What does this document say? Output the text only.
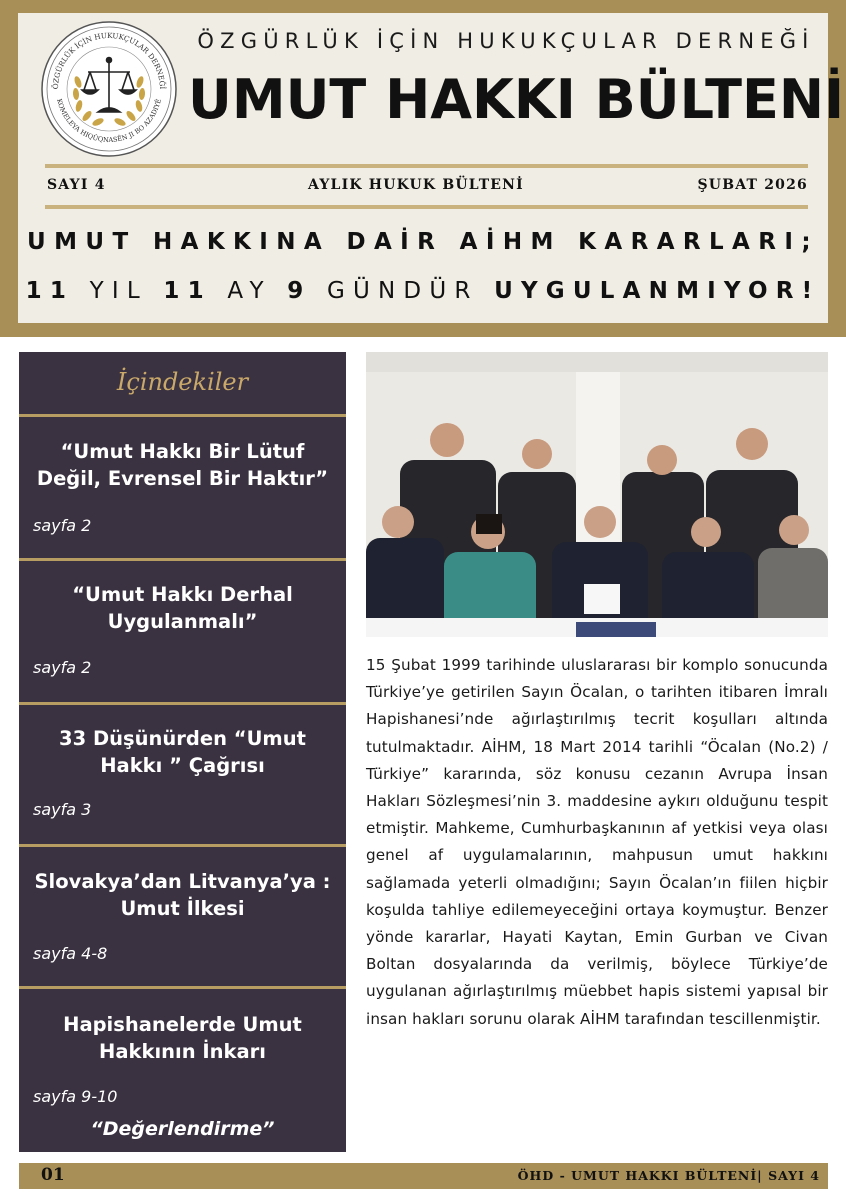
ÖZGÜRLÜK İÇİN HUKUKÇULAR DERNEĞİ
KOMELEYA HIQÛQNASÊN JI BO AZADIYÊ
ÖZGÜRLÜK İÇİN HUKUKÇULAR DERNEĞİ
UMUT HAKKI BÜLTENİ
SAYI 4	AYLIK HUKUK BÜLTENİ	ŞUBAT 2026
UMUT HAKKINA DAİR AİHM KARARLARI;
11 YIL 11 AY 9 GÜNDÜR UYGULANMIYOR!
İçindekiler
“Umut Hakkı Bir Lütuf Değil, Evrensel Bir Haktır”
sayfa 2
“Umut Hakkı Derhal Uygulanmalı”
sayfa 2
33 Düşünürden “Umut Hakkı ” Çağrısı
sayfa 3
Slovakya’dan Litvanya’ya : Umut İlkesi
sayfa 4-8
Hapishanelerde Umut Hakkının İnkarı
sayfa 9-10
“Değerlendirme”
15 Şubat 1999 tarihinde uluslararası bir komplo sonucunda Türkiye’ye getirilen Sayın Öcalan, o tarihten itibaren İmralı Hapishanesi’nde ağırlaştırılmış tecrit koşulları altında tutulmaktadır. AİHM, 18 Mart 2014 tarihli “Öcalan (No.2) / Türkiye” kararında, söz konusu cezanın Avrupa İnsan Hakları Sözleşmesi’nin 3. maddesine aykırı olduğunu tespit etmiştir. Mahkeme, Cumhurbaşkanının af yetkisi veya olası genel af uygulamalarının, mahpusun umut hakkını sağlamada yeterli olmadığını; Sayın Öcalan’ın fiilen hiçbir koşulda tahliye edilemeyeceğini ortaya koymuştur. Benzer yönde kararlar, Hayati Kaytan, Emin Gurban ve Civan Boltan dosyalarında da verilmiş, böylece Türkiye’de uygulanan ağırlaştırılmış müebbet hapis sistemi yapısal bir insan hakları sorunu olarak AİHM tarafından tescillenmiştir.
01	ÖHD - UMUT HAKKI BÜLTENİ| SAYI 4
